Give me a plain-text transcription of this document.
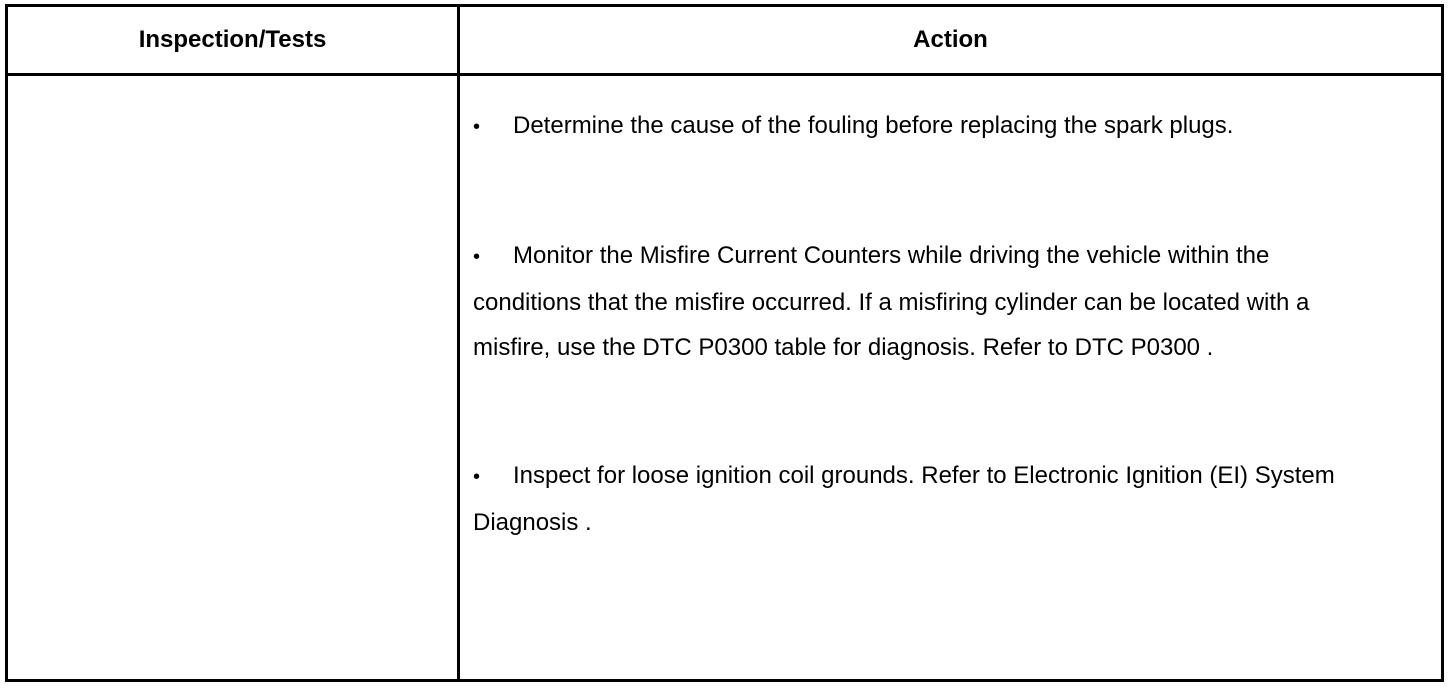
Inspection/Tests	Action

• Determine the cause of the fouling before replacing the spark plugs.

• Monitor the Misfire Current Counters while driving the vehicle within the conditions that the misfire occurred. If a misfiring cylinder can be located with a misfire, use the DTC P0300 table for diagnosis. Refer to DTC P0300 .

• Inspect for loose ignition coil grounds. Refer to Electronic Ignition (EI) System Diagnosis .
